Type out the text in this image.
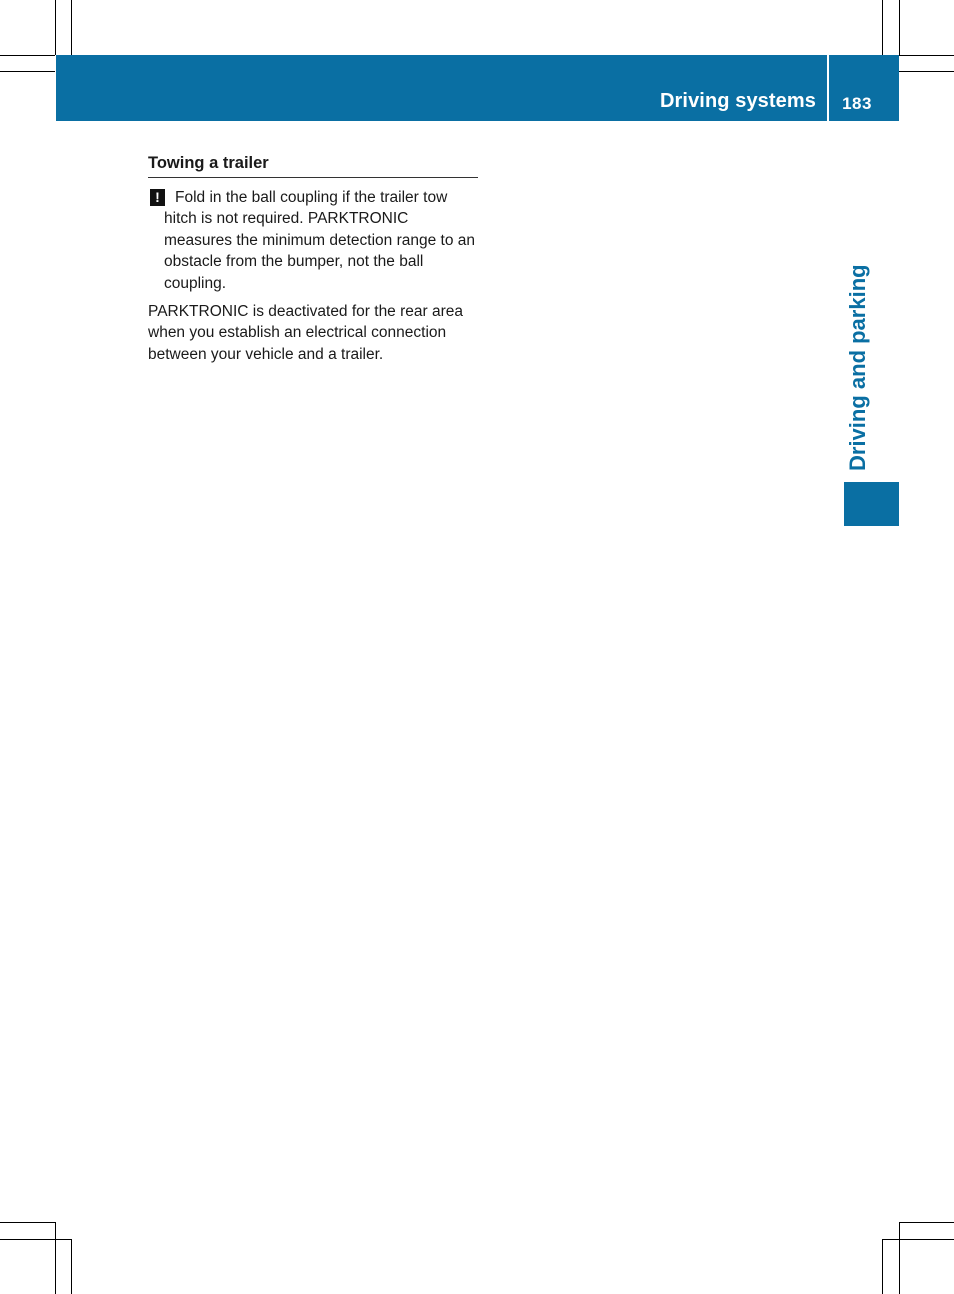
Driving systems	183
Driving and parking
Towing a trailer
! Fold in the ball coupling if the trailer tow hitch is not required. PARKTRONIC measures the minimum detection range to an obstacle from the bumper, not the ball coupling.
PARKTRONIC is deactivated for the rear area when you establish an electrical connection between your vehicle and a trailer.
